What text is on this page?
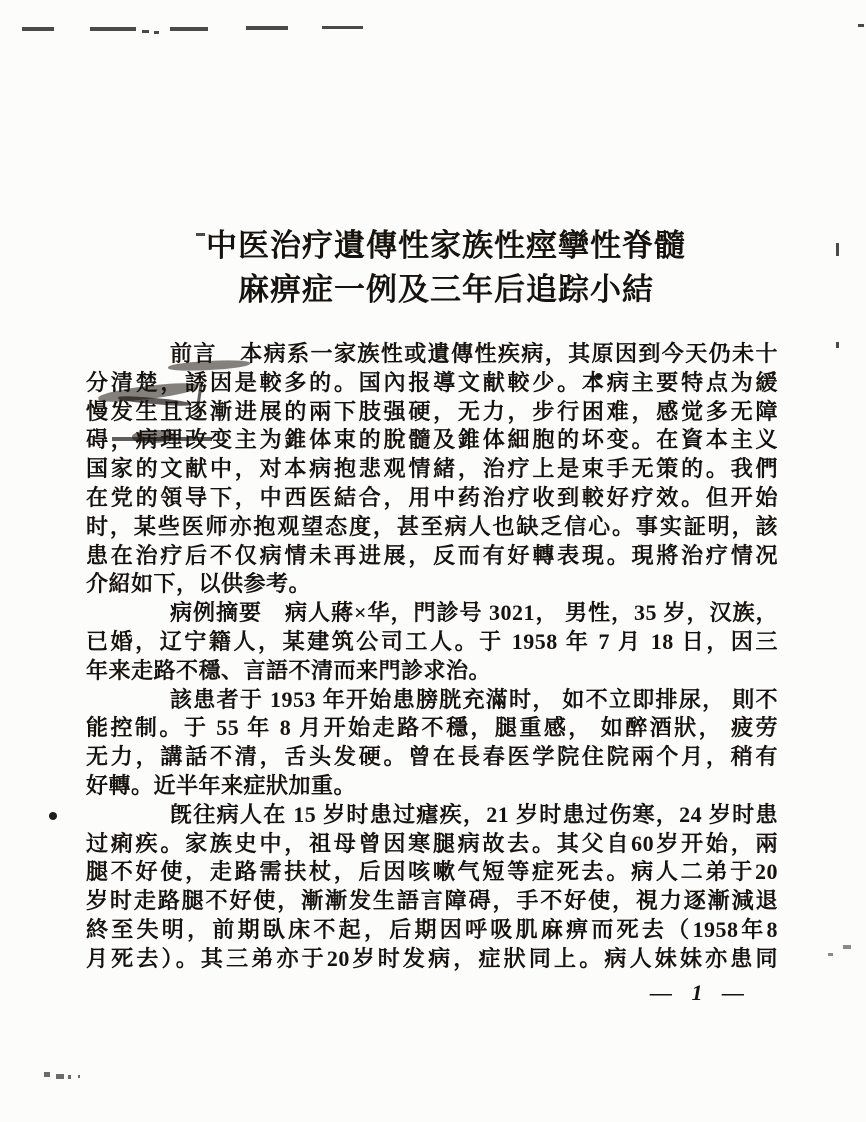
中医治疗遺傳性家族性痙攣性脊髓
麻痹症一例及三年后追踪小結
前言　本病系一家族性或遺傳性疾病，其原因到今天仍未十
分清楚，誘因是較多的。国內报導文献較少。本病主要特点为緩
慢发生且逐漸进展的兩下肢强硬，无力，步行困难，感觉多无障
碍，病理改变主为錐体束的脫髓及錐体細胞的坏变。在資本主义
国家的文献中，对本病抱悲观情緒，治疗上是束手无策的。我們
在党的領导下，中西医結合，用中药治疗收到較好疗效。但开始
时，某些医师亦抱观望态度，甚至病人也缺乏信心。事实証明，該
患在治疗后不仅病情未再进展，反而有好轉表現。現將治疗情况
介紹如下，以供参考。
病例摘要　病人蔣×华，門診号 3021， 男性，35 岁，汉族，
已婚，辽宁籍人，某建筑公司工人。于 1958 年 7 月 18 日，因三
年来走路不穩、言語不清而来門診求治。
該患者于 1953 年开始患膀胱充滿时， 如不立即排尿， 則不
能控制。于 55 年 8 月开始走路不穩，腿重感， 如醉酒狀， 疲劳
无力，講話不清，舌头发硬。曾在長春医学院住院兩个月，稍有
好轉。近半年来症狀加重。
旣往病人在 15 岁时患过瘧疾，21 岁时患过伤寒，24 岁时患
过痢疾。家族史中，祖母曾因寒腿病故去。其父自60岁开始，兩
腿不好使，走路需扶杖，后因咳嗽气短等症死去。病人二弟于20
岁时走路腿不好使，漸漸发生語言障碍，手不好使，視力逐漸減退
終至失明，前期臥床不起，后期因呼吸肌麻痹而死去（1958年8
月死去）。其三弟亦于20岁时发病，症狀同上。病人妹妹亦患同
— 1 —
